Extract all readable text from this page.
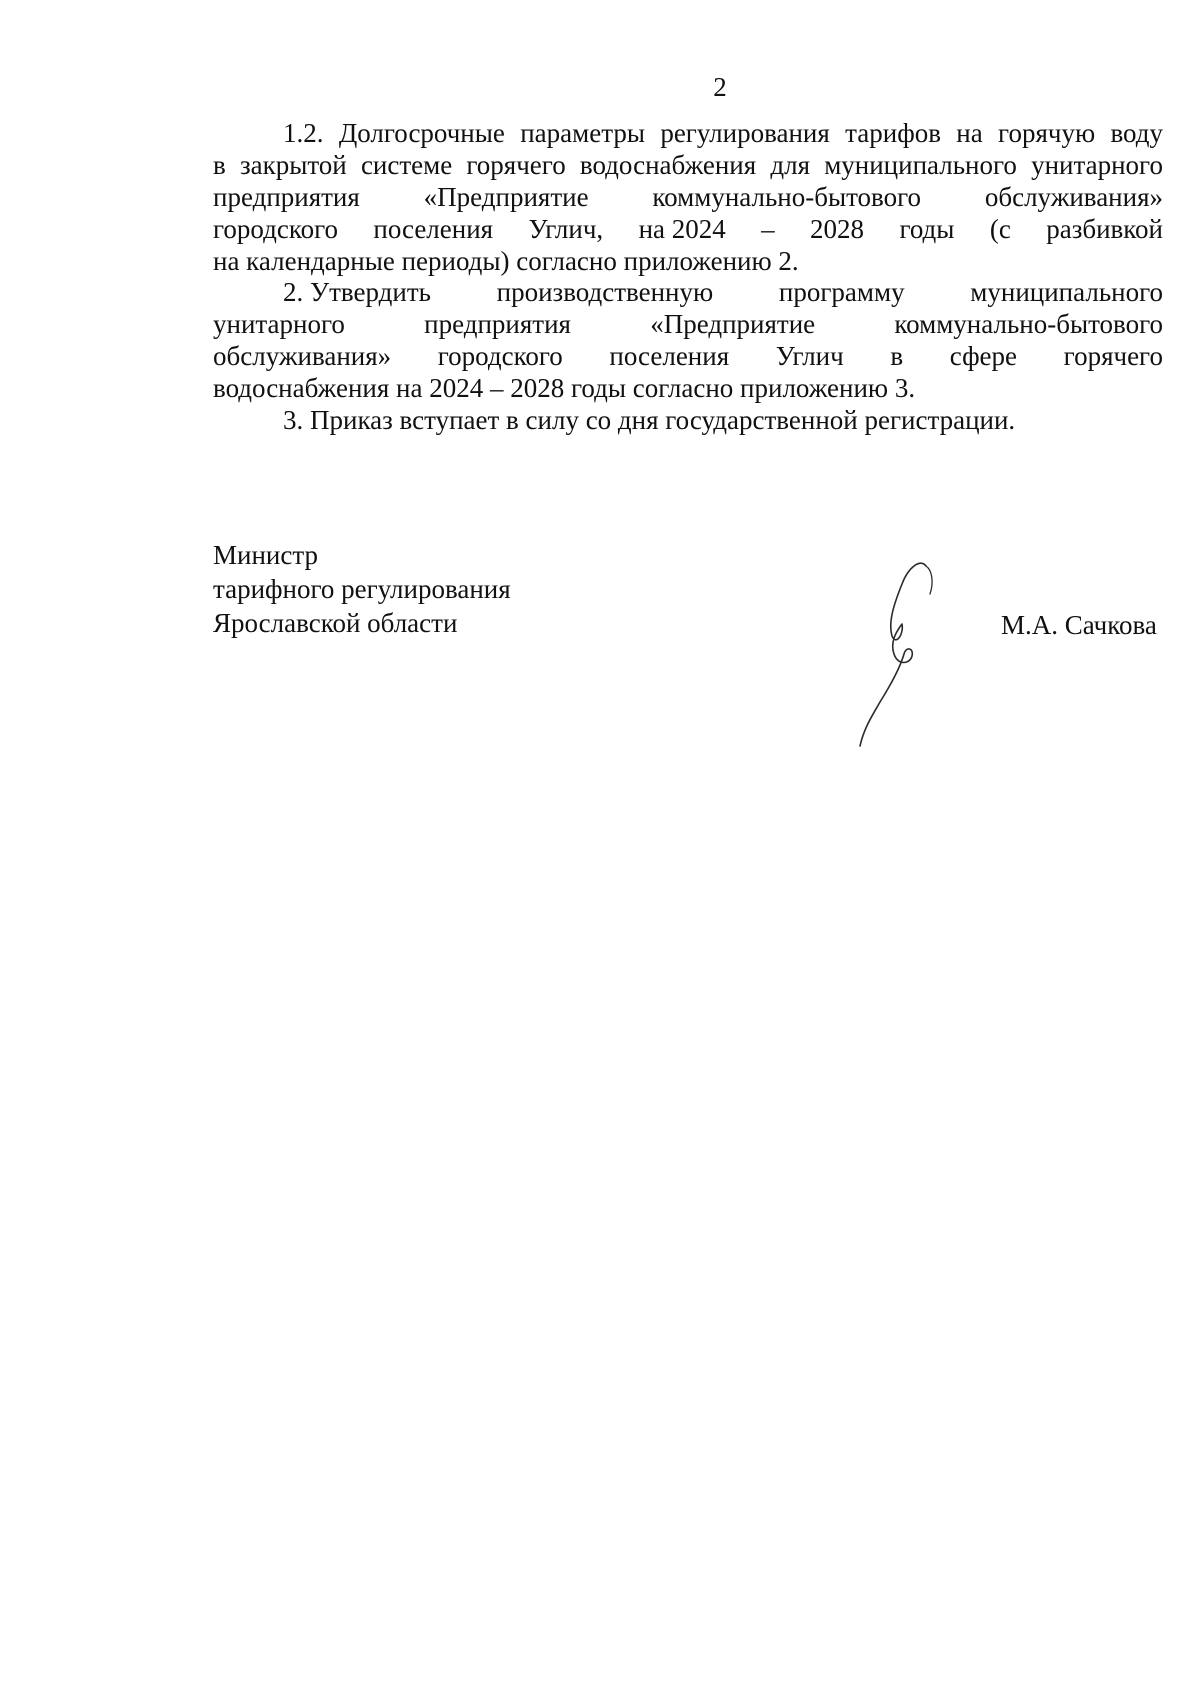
2
1.2. Долгосрочные параметры регулирования тарифов на горячую воду
в закрытой системе горячего водоснабжения для муниципального унитарного
предприятия «Предприятие коммунально-бытового обслуживания»
городского поселения Углич, на 2024 – 2028 годы (с разбивкой
на календарные периоды) согласно приложению 2.
2. Утвердить производственную программу муниципального
унитарного	предприятия	«Предприятие	коммунально-бытового
обслуживания» городского поселения Углич в сфере горячего
водоснабжения на 2024 – 2028 годы согласно приложению 3.
3. Приказ вступает в силу со дня государственной регистрации.
Министр
тарифного регулирования
Ярославской области	М.А. Сачкова
